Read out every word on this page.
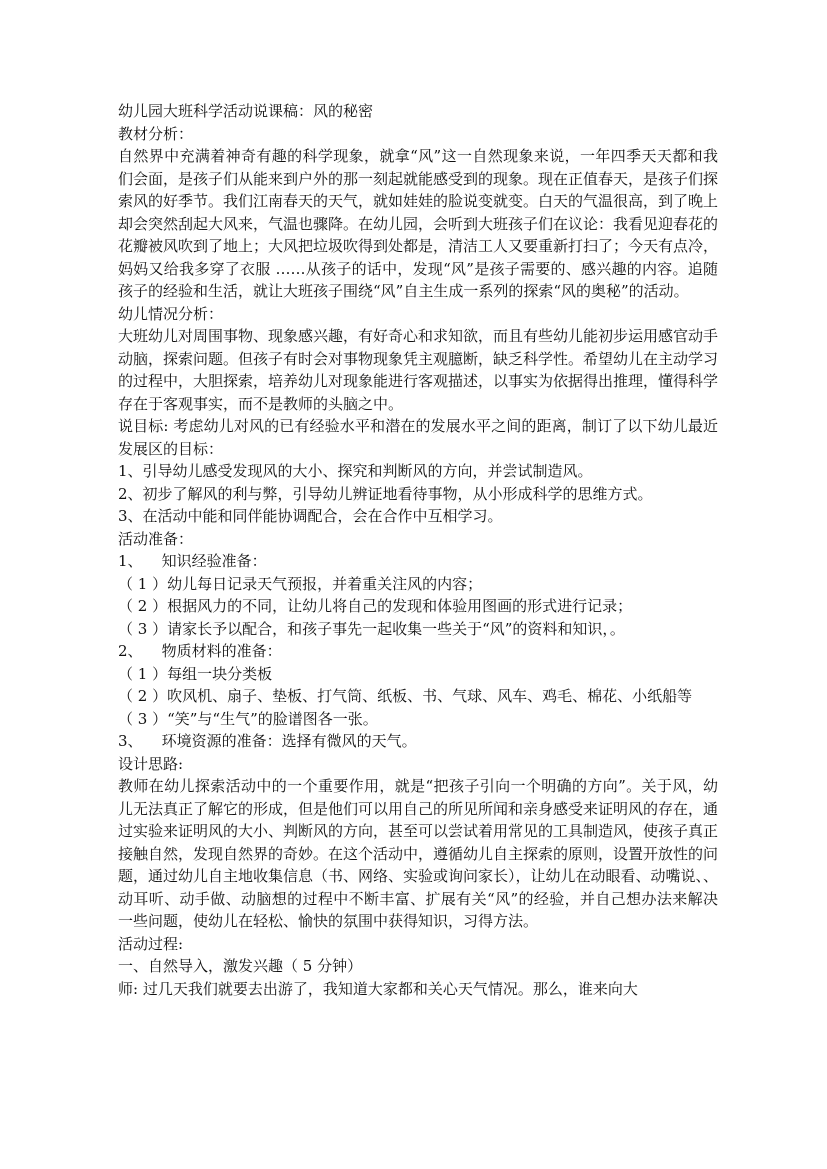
幼儿园大班科学活动说课稿：风的秘密

教材分析：

自然界中充满着神奇有趣的科学现象，就拿“风”这一自然现象来说，一年四季天天都和我们会面，是孩子们从能来到户外的那一刻起就能感受到的现象。现在正值春天，是孩子们探索风的好季节。我们江南春天的天气，就如娃娃的脸说变就变。白天的气温很高，到了晚上却会突然刮起大风来，气温也骤降。在幼儿园，会听到大班孩子们在议论：我看见迎春花的花瓣被风吹到了地上；大风把垃圾吹得到处都是，清洁工人又要重新打扫了；今天有点冷，妈妈又给我多穿了衣服 ……从孩子的话中，发现“风”是孩子需要的、感兴趣的内容。追随孩子的经验和生活，就让大班孩子围绕“风”自主生成一系列的探索“风的奥秘”的活动。

幼儿情况分析：

大班幼儿对周围事物、现象感兴趣，有好奇心和求知欲，而且有些幼儿能初步运用感官动手动脑，探索问题。但孩子有时会对事物现象凭主观臆断，缺乏科学性。希望幼儿在主动学习的过程中，大胆探索，培养幼儿对现象能进行客观描述，以事实为依据得出推理，懂得科学存在于客观事实，而不是教师的头脑之中。

说目标: 考虑幼儿对风的已有经验水平和潜在的发展水平之间的距离，制订了以下幼儿最近发展区的目标：

1、引导幼儿感受发现风的大小、探究和判断风的方向，并尝试制造风。

2、初步了解风的利与弊，引导幼儿辨证地看待事物，从小形成科学的思维方式。

3、在活动中能和同伴能协调配合，会在合作中互相学习。

活动准备：

1、    知识经验准备：

（ 1 ）幼儿每日记录天气预报，并着重关注风的内容；

（ 2 ）根据风力的不同，让幼儿将自己的发现和体验用图画的形式进行记录；

（ 3 ）请家长予以配合，和孩子事先一起收集一些关于“风”的资料和知识，。

2、    物质材料的准备：

（ 1 ）每组一块分类板

（ 2 ）吹风机、扇子、垫板、打气筒、纸板、书、气球、风车、鸡毛、棉花、小纸船等

（ 3 ）“笑”与“生气”的脸谱图各一张。

3、    环境资源的准备：选择有微风的天气。

设计思路:

教师在幼儿探索活动中的一个重要作用，就是“把孩子引向一个明确的方向”。关于风，幼儿无法真正了解它的形成，但是他们可以用自己的所见所闻和亲身感受来证明风的存在，通过实验来证明风的大小、判断风的方向，甚至可以尝试着用常见的工具制造风，使孩子真正接触自然，发现自然界的奇妙。在这个活动中，遵循幼儿自主探索的原则，设置开放性的问题，通过幼儿自主地收集信息（书、网络、实验或询问家长），让幼儿在动眼看、动嘴说、、动耳听、动手做、动脑想的过程中不断丰富、扩展有关“风”的经验，并自己想办法来解决一些问题，使幼儿在轻松、愉快的氛围中获得知识，习得方法。

活动过程:

一、自然导入，激发兴趣（ 5 分钟）

师: 过几天我们就要去出游了，我知道大家都和关心天气情况。那么，谁来向大
